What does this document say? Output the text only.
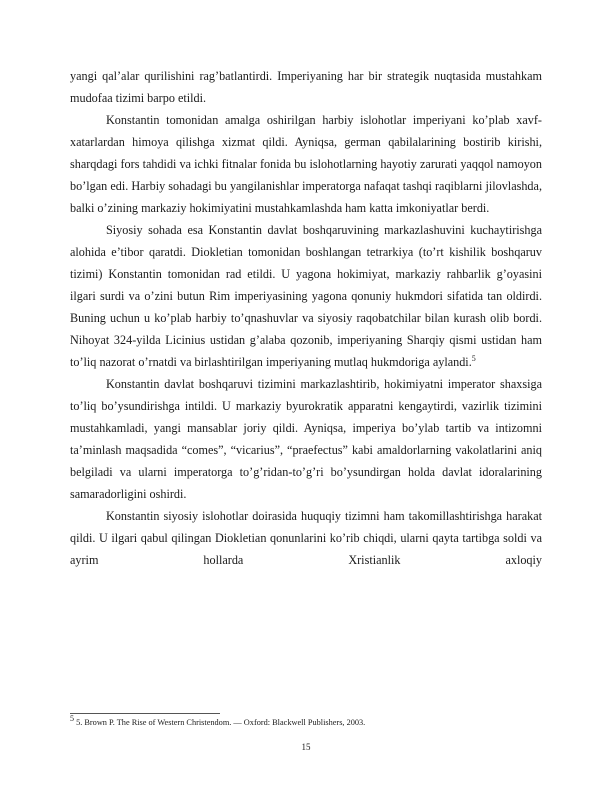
yangi qal’alar qurilishini rag’batlantirdi. Imperiyaning har bir strategik nuqtasida mustahkam mudofaa tizimi barpo etildi.

Konstantin tomonidan amalga oshirilgan harbiy islohotlar imperiyani ko’plab xavf-xatarlardan himoya qilishga xizmat qildi. Ayniqsa, german qabilalarining bostirib kirishi, sharqdagi fors tahdidi va ichki fitnalar fonida bu islohotlarning hayotiy zarurati yaqqol namoyon bo’lgan edi. Harbiy sohadagi bu yangilanishlar imperatorga nafaqat tashqi raqiblarni jilovlashda, balki o’zining markaziy hokimiyatini mustahkamlashda ham katta imkoniyatlar berdi.

Siyosiy sohada esa Konstantin davlat boshqaruvining markazlashuvini kuchaytirishga alohida e’tibor qaratdi. Diokletian tomonidan boshlangan tetrarkiya (to’rt kishilik boshqaruv tizimi) Konstantin tomonidan rad etildi. U yagona hokimiyat, markaziy rahbarlik g’oyasini ilgari surdi va o’zini butun Rim imperiyasining yagona qonuniy hukmdori sifatida tan oldirdi. Buning uchun u ko’plab harbiy to’qnashuvlar va siyosiy raqobatchilar bilan kurash olib bordi. Nihoyat 324-yilda Licinius ustidan g’alaba qozonib, imperiyaning Sharqiy qismi ustidan ham to’liq nazorat o’rnatdi va birlashtirilgan imperiyaning mutlaq hukmdoriga aylandi.$^5$

Konstantin davlat boshqaruvi tizimini markazlashtirib, hokimiyatni imperator shaxsiga to’liq bo’ysundirishga intildi. U markaziy byurokratik apparatni kengaytirdi, vazirlik tizimini mustahkamladi, yangi mansablar joriy qildi. Ayniqsa, imperiya bo’ylab tartib va intizomni ta’minlash maqsadida “comes”, “vicarius”, “praefectus” kabi amaldorlarning vakolatlarini aniq belgiladi va ularni imperatorga to’g’ridan-to’g’ri bo’ysundirgan holda davlat idoralarining samaradorligini oshirdi.

Konstantin siyosiy islohotlar doirasida huquqiy tizimni ham takomillashtirishga harakat qildi. U ilgari qabul qilingan Diokletian qonunlarini ko’rib chiqdi, ularni qayta tartibga soldi va ayrim hollarda Xristianlik axloqiy

$^5$ 5. Brown P. The Rise of Western Christendom. — Oxford: Blackwell Publishers, 2003.
15
